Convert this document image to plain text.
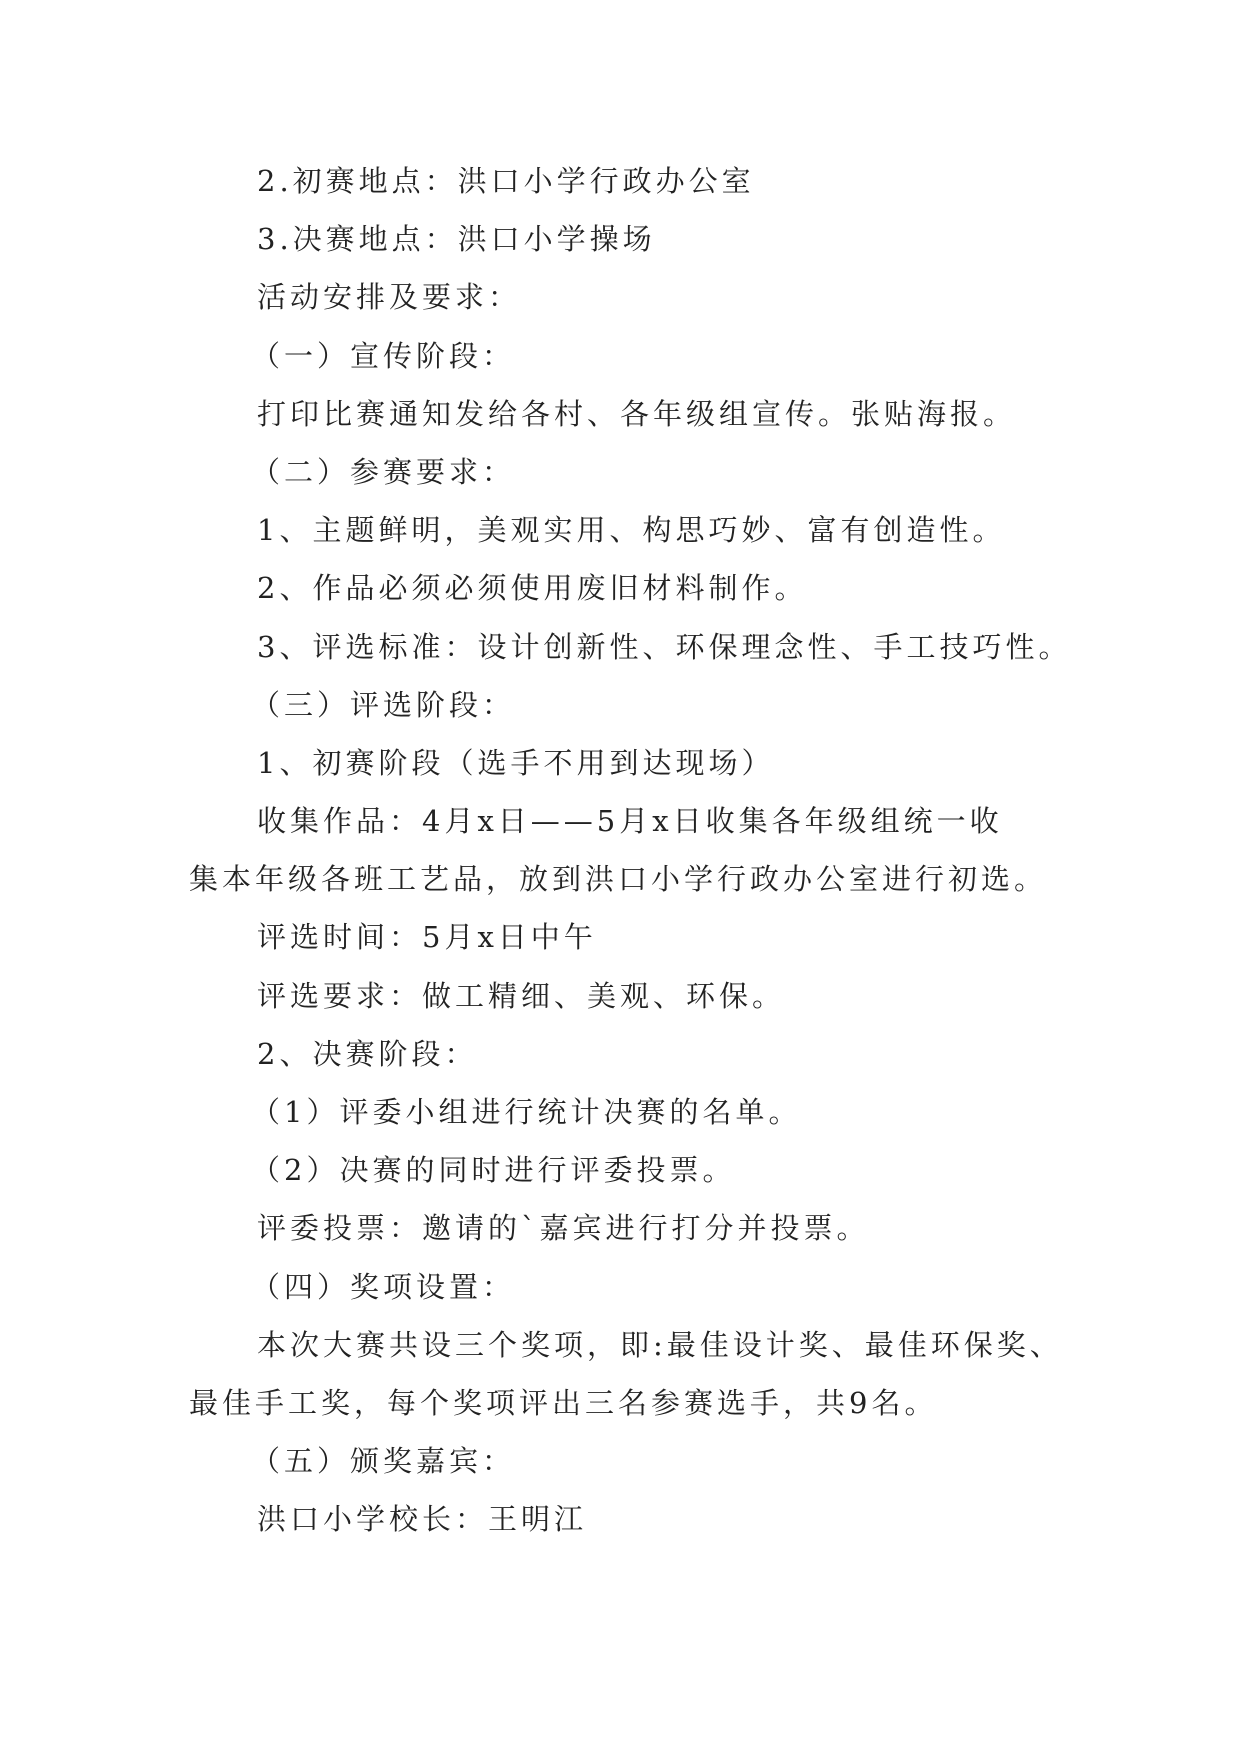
2.初赛地点：洪口小学行政办公室
3.决赛地点：洪口小学操场
活动安排及要求：
（一）宣传阶段：
打印比赛通知发给各村、各年级组宣传。张贴海报。
（二）参赛要求：
1、主题鲜明，美观实用、构思巧妙、富有创造性。
2、作品必须必须使用废旧材料制作。
3、评选标准：设计创新性、环保理念性、手工技巧性。
（三）评选阶段：
1、初赛阶段（选手不用到达现场）
收集作品：4月x日——5月x日收集各年级组统一收
集本年级各班工艺品，放到洪口小学行政办公室进行初选。
评选时间：5月x日中午
评选要求：做工精细、美观、环保。
2、决赛阶段：
（1）评委小组进行统计决赛的名单。
（2）决赛的同时进行评委投票。
评委投票：邀请的`嘉宾进行打分并投票。
（四）奖项设置：
本次大赛共设三个奖项，即:最佳设计奖、最佳环保奖、
最佳手工奖，每个奖项评出三名参赛选手，共9名。
（五）颁奖嘉宾：
洪口小学校长：王明江
